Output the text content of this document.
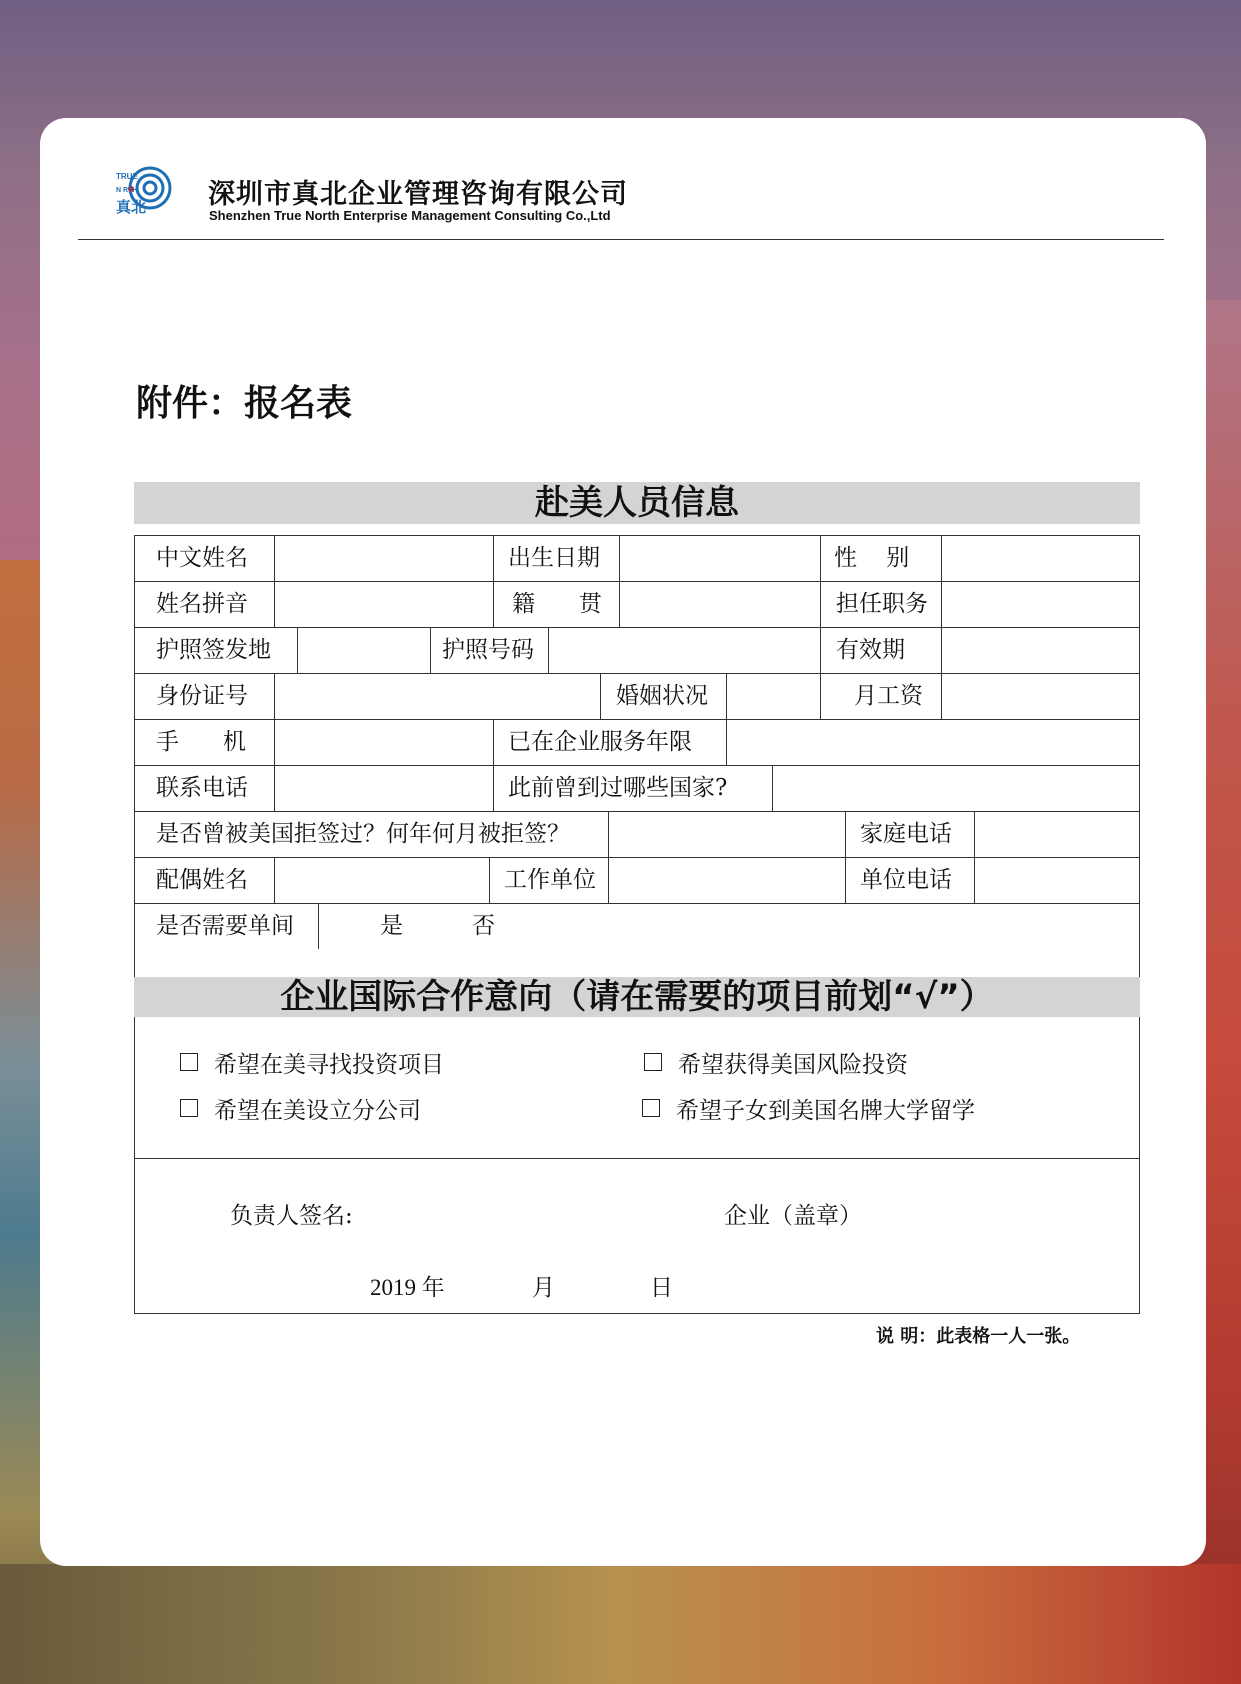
TRUE
N RTH
真北 深圳市真北企业管理咨询有限公司
Shenzhen True North Enterprise Management Consulting Co.,Ltd
附件：报名表
赴美人员信息
中文姓名	出生日期	性    别
姓名拼音	籍      贯	担任职务
护照签发地	护照号码	有效期
身份证号	婚姻状况	月工资
手      机	已在企业服务年限
联系电话	此前曾到过哪些国家?
是否曾被美国拒签过？何年何月被拒签？	家庭电话
配偶姓名	工作单位	单位电话
是否需要单间	是	否
企业国际合作意向（请在需要的项目前划“√”）
希望在美寻找投资项目	希望获得美国风险投资
希望在美设立分公司	希望子女到美国名牌大学留学
负责人签名:	企业（盖章）
2019 年	月	日
说 明：此表格一人一张。
